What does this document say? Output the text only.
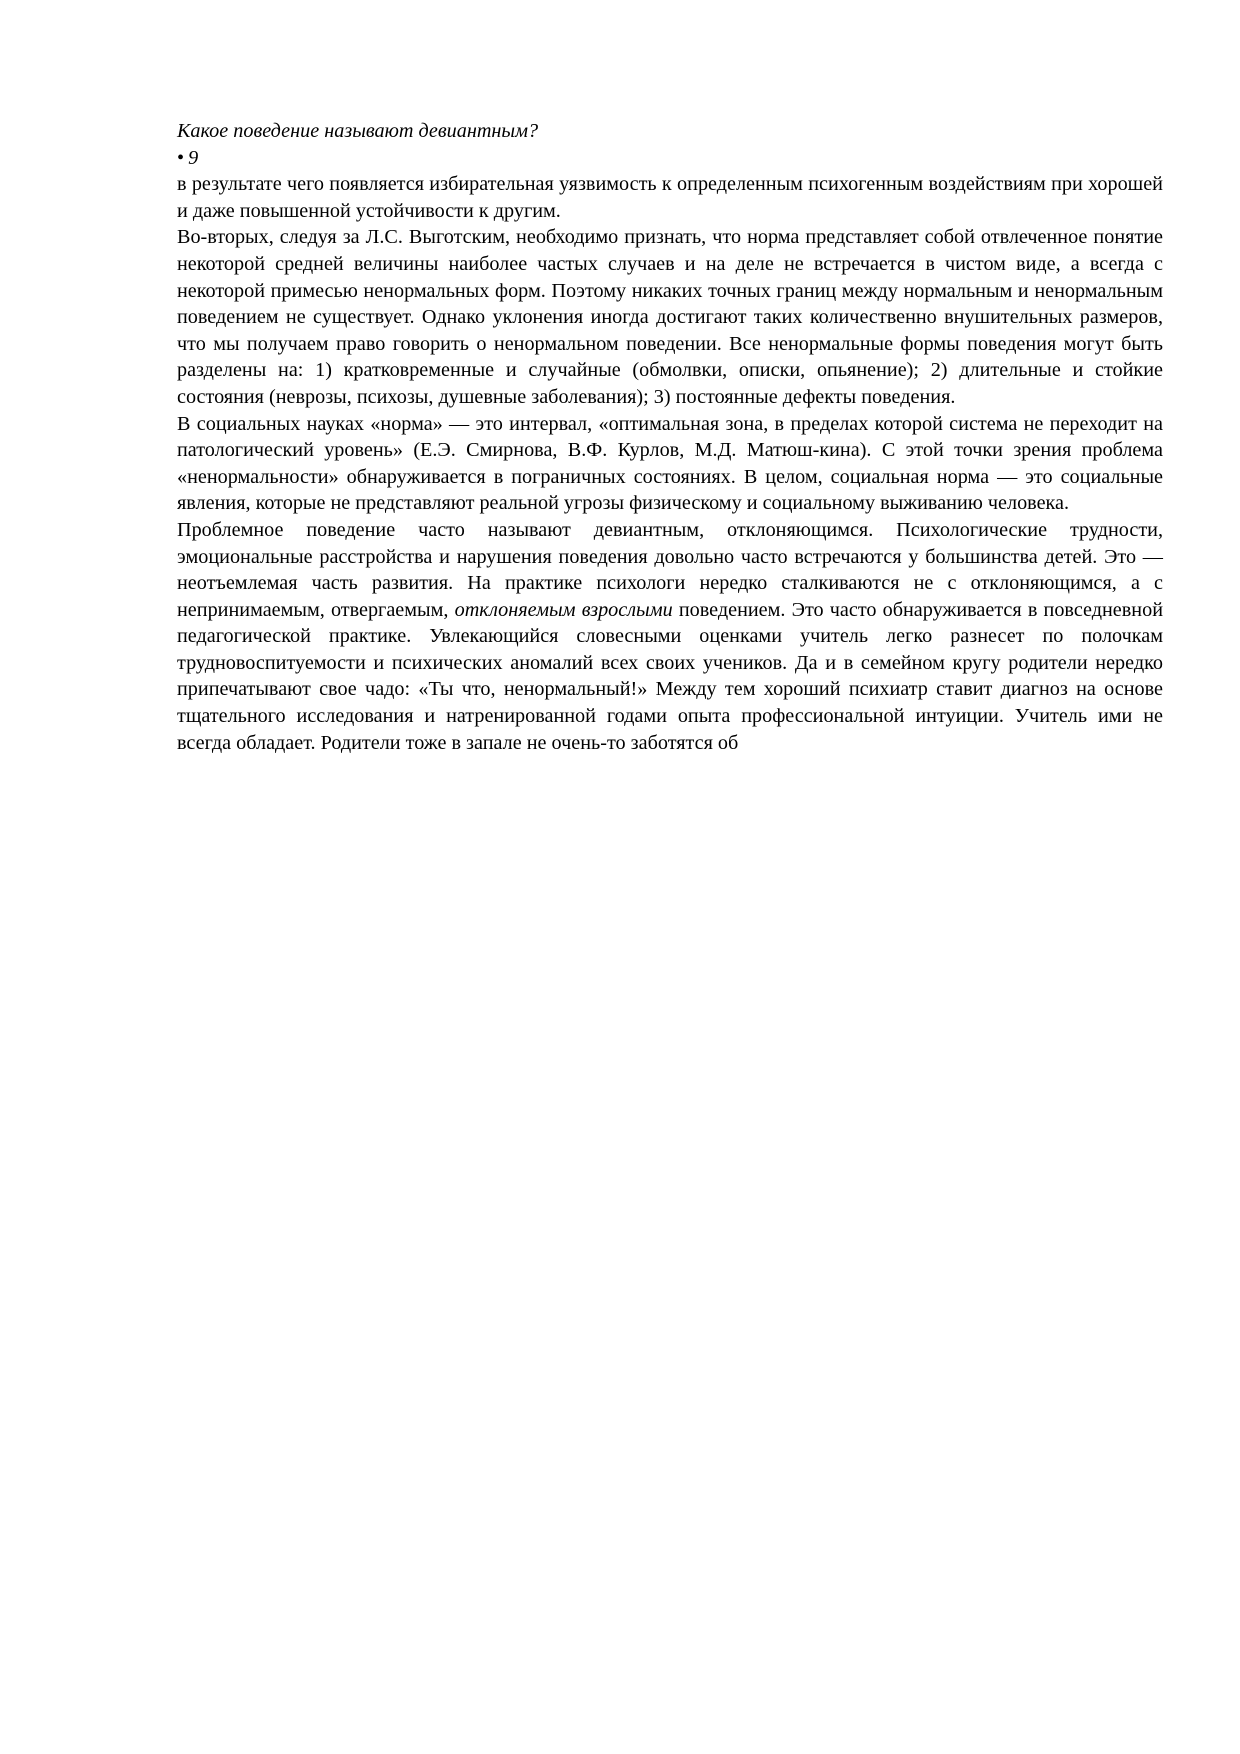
Какое поведение называют девиантным?

• 9

в результате чего появляется избирательная уязвимость к определенным психогенным воздействиям при хорошей и даже повышенной устойчивости к другим.

Во-вторых, следуя за Л.С. Выготским, необходимо признать, что норма представляет собой отвлеченное понятие некоторой средней величины наиболее частых случаев и на деле не встречается в чистом виде, а всегда с некоторой примесью ненормальных форм. Поэтому никаких точных границ между нормальным и ненормальным поведением не существует. Однако уклонения иногда достигают таких количественно внушительных размеров, что мы получаем право говорить о ненормальном поведении. Все ненормальные формы поведения могут быть разделены на: 1) кратковременные и случайные (обмолвки, описки, опьянение); 2) длительные и стойкие состояния (неврозы, психозы, душевные заболевания); 3) постоянные дефекты поведения.

В социальных науках «норма» — это интервал, «оптимальная зона, в пределах которой система не переходит на патологический уровень» (Е.Э. Смирнова, В.Ф. Курлов, М.Д. Матюш-кина). С этой точки зрения проблема «ненормальности» обнаруживается в пограничных состояниях. В целом, социальная норма — это социальные явления, которые не представляют реальной угрозы физическому и социальному выживанию человека.

Проблемное поведение часто называют девиантным, отклоняющимся. Психологические трудности, эмоциональные расстройства и нарушения поведения довольно часто встречаются у большинства детей. Это — неотъемлемая часть развития. На практике психологи нередко сталкиваются не с отклоняющимся, а с непринимаемым, отвергаемым, отклоняемым взрослыми поведением. Это часто обнаруживается в повседневной педагогической практике. Увлекающийся словесными оценками учитель легко разнесет по полочкам трудновоспитуемости и психических аномалий всех своих учеников. Да и в семейном кругу родители нередко припечатывают свое чадо: «Ты что, ненормальный!» Между тем хороший психиатр ставит диагноз на основе тщательного исследования и натренированной годами опыта профессиональной интуиции. Учитель ими не всегда обладает. Родители тоже в запале не очень-то заботятся об
